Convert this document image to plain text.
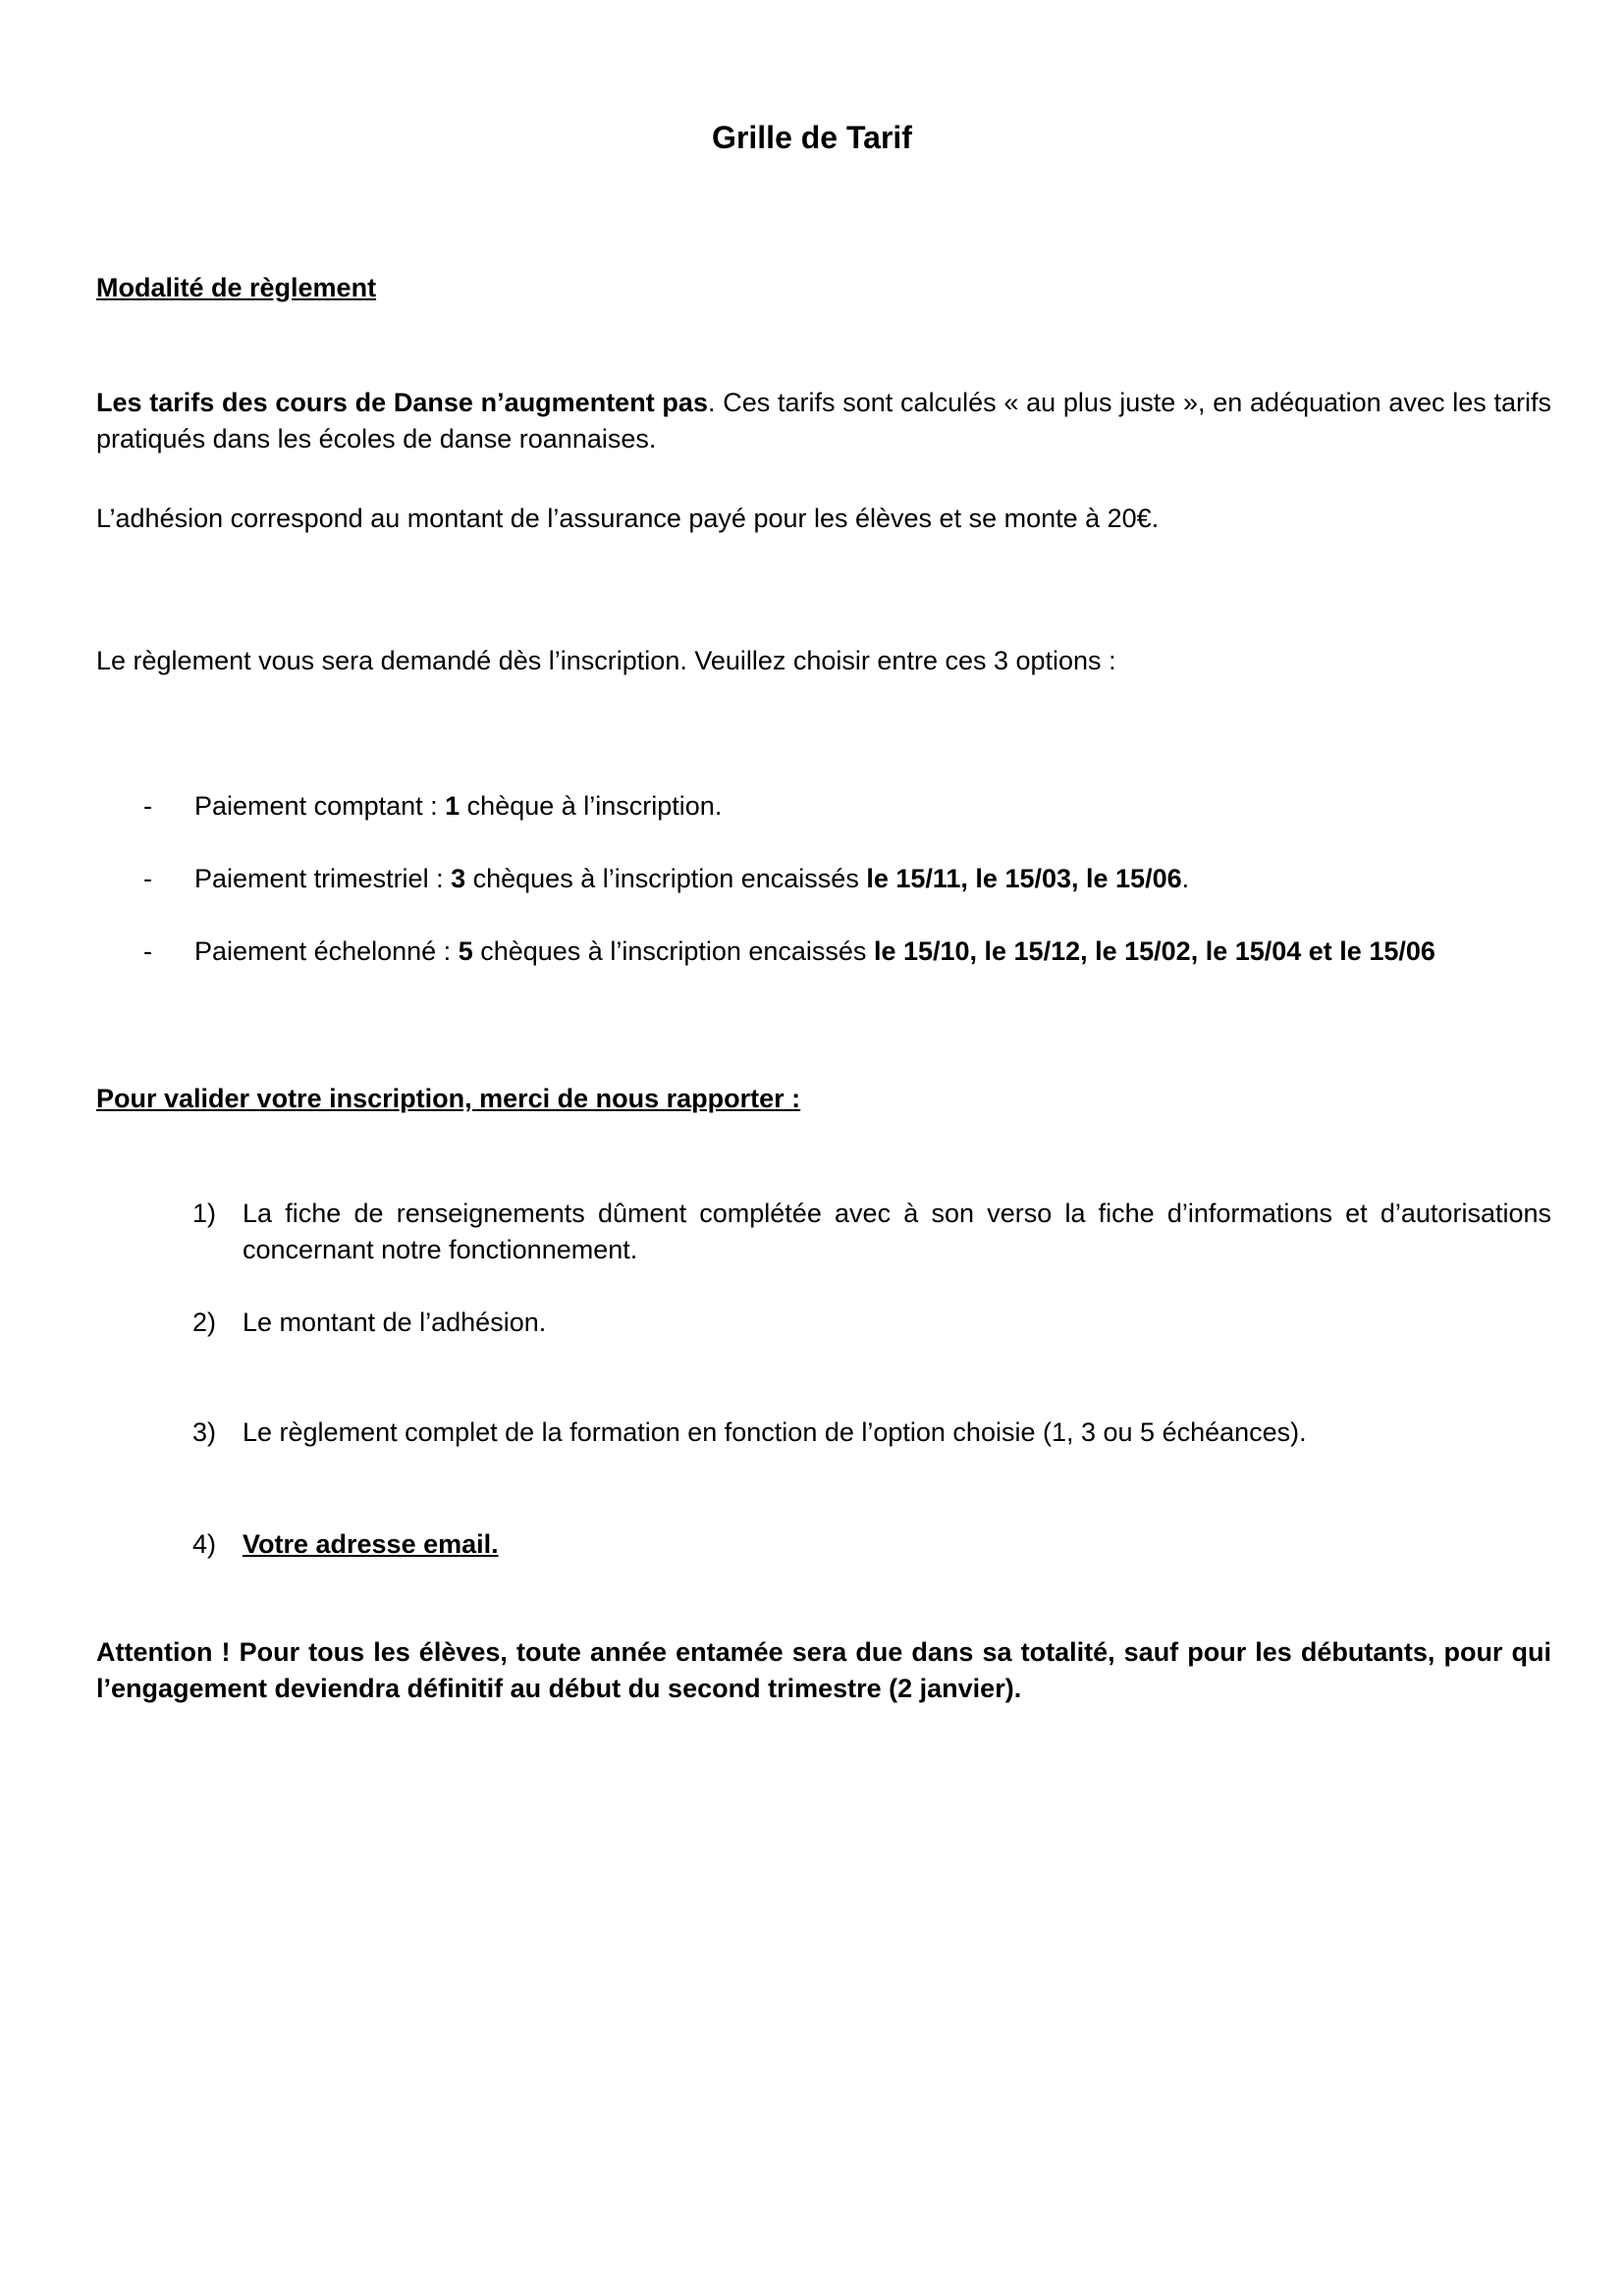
Grille de Tarif
Modalité de règlement
Les tarifs des cours de Danse n’augmentent pas. Ces tarifs sont calculés « au plus juste », en adéquation avec les tarifs pratiqués dans les écoles de danse roannaises.
L’adhésion correspond au montant de l’assurance payé pour les élèves et se monte à 20€.
Le règlement vous sera demandé dès l’inscription. Veuillez choisir entre ces 3 options :
- Paiement comptant : 1 chèque à l’inscription.
- Paiement trimestriel : 3 chèques à l’inscription encaissés le 15/11, le 15/03, le 15/06.
- Paiement échelonné : 5 chèques à l’inscription encaissés le 15/10, le 15/12, le 15/02, le 15/04 et le 15/06
Pour valider votre inscription, merci de nous rapporter :
1) La fiche de renseignements dûment complétée avec à son verso la fiche d’informations et d’autorisations concernant notre fonctionnement.
2) Le montant de l’adhésion.
3) Le règlement complet de la formation en fonction de l’option choisie (1, 3 ou 5 échéances).
4) Votre adresse email.
Attention ! Pour tous les élèves, toute année entamée sera due dans sa totalité, sauf pour les débutants, pour qui l’engagement deviendra définitif au début du second trimestre (2 janvier).
